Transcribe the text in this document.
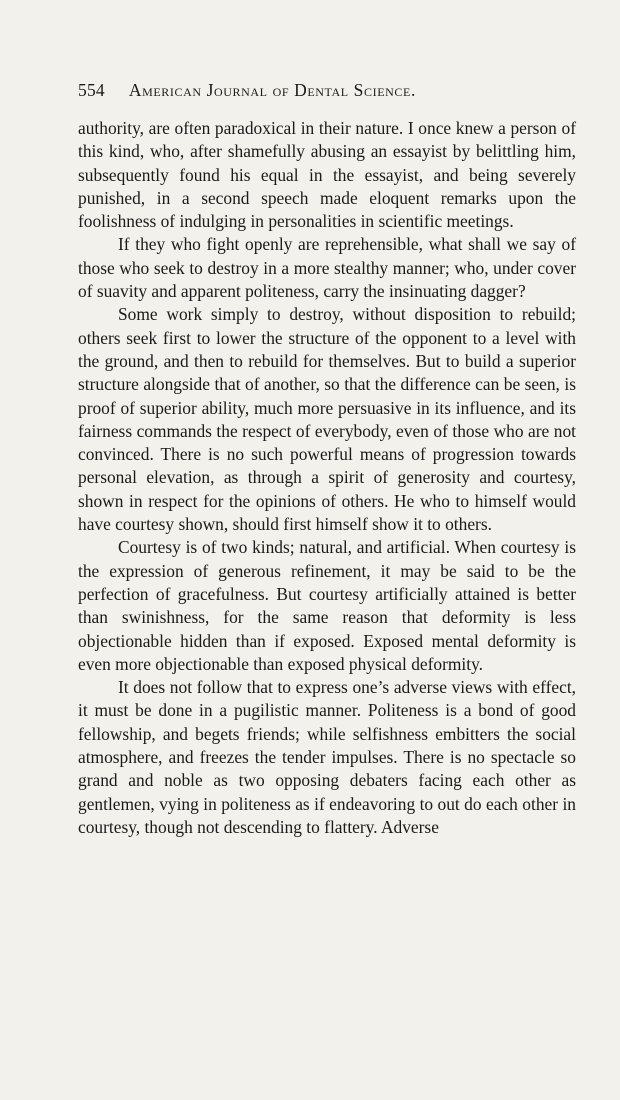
554 American Journal of Dental Science.

authority, are often paradoxical in their nature. I once knew a person of this kind, who, after shamefully abusing an essayist by belittling him, subsequently found his equal in the essayist, and being severely punished, in a second speech made eloquent remarks upon the foolishness of indulging in personalities in scientific meetings.

If they who fight openly are reprehensible, what shall we say of those who seek to destroy in a more stealthy manner; who, under cover of suavity and apparent politeness, carry the insinuating dagger?

Some work simply to destroy, without disposition to rebuild; others seek first to lower the structure of the opponent to a level with the ground, and then to rebuild for themselves. But to build a superior structure alongside that of another, so that the difference can be seen, is proof of superior ability, much more persuasive in its influence, and its fairness commands the respect of everybody, even of those who are not convinced. There is no such powerful means of progression towards personal elevation, as through a spirit of generosity and courtesy, shown in respect for the opinions of others. He who to himself would have courtesy shown, should first himself show it to others.

Courtesy is of two kinds; natural, and artificial. When courtesy is the expression of generous refinement, it may be said to be the perfection of gracefulness. But courtesy artificially attained is better than swinishness, for the same reason that deformity is less objectionable hidden than if exposed. Exposed mental deformity is even more objectionable than exposed physical deformity.

It does not follow that to express one’s adverse views with effect, it must be done in a pugilistic manner. Politeness is a bond of good fellowship, and begets friends; while selfishness embitters the social atmosphere, and freezes the tender impulses. There is no spectacle so grand and noble as two opposing debaters facing each other as gentlemen, vying in politeness as if endeavoring to out do each other in courtesy, though not descending to flattery. Adverse
